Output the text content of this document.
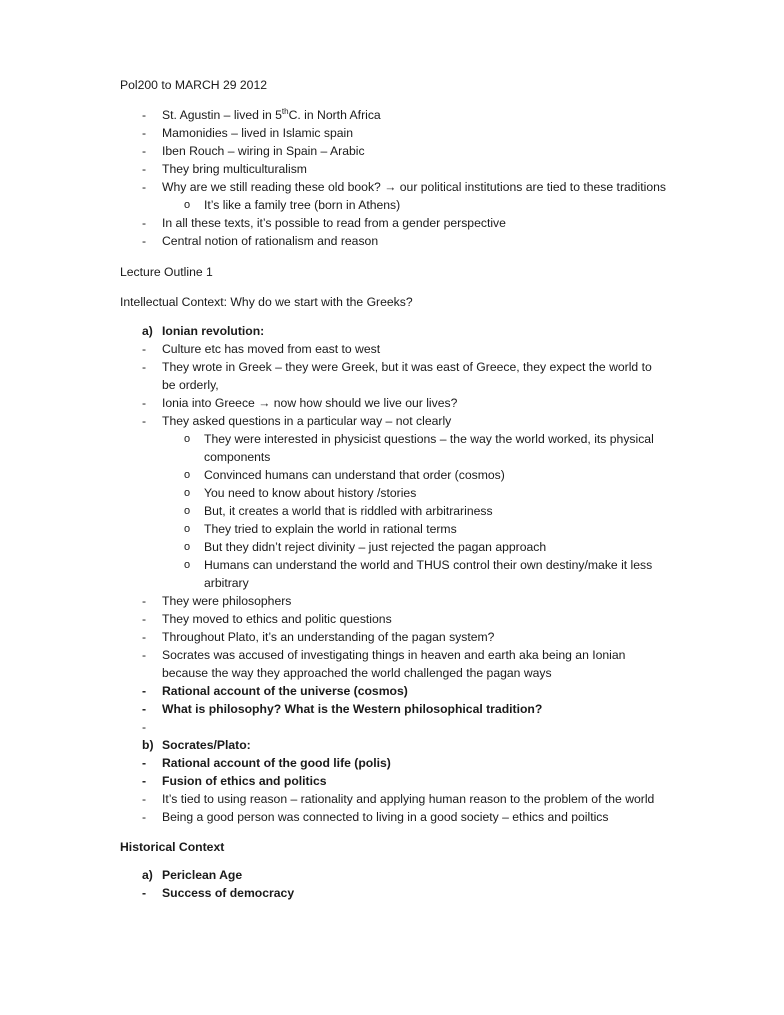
Pol200 to MARCH 29 2012
- St. Agustin – lived in 5thC. in North Africa
- Mamonidies – lived in Islamic spain
- Iben Rouch – wiring in Spain – Arabic
- They bring multiculturalism
- Why are we still reading these old book? → our political institutions are tied to these traditions
o It’s like a family tree (born in Athens)
- In all these texts, it’s possible to read from a gender perspective
- Central notion of rationalism and reason
Lecture Outline 1
Intellectual Context: Why do we start with the Greeks?
a) Ionian revolution:
- Culture etc has moved from east to west
- They wrote in Greek – they were Greek, but it was east of Greece, they expect the world to be orderly,
- Ionia into Greece → now how should we live our lives?
- They asked questions in a particular way – not clearly
o They were interested in physicist questions – the way the world worked, its physical components
o Convinced humans can understand that order (cosmos)
o You need to know about history /stories
o But, it creates a world that is riddled with arbitrariness
o They tried to explain the world in rational terms
o But they didn’t reject divinity – just rejected the pagan approach
o Humans can understand the world and THUS control their own destiny/make it less arbitrary
- They were philosophers
- They moved to ethics and politic questions
- Throughout Plato, it’s an understanding of the pagan system?
- Socrates was accused of investigating things in heaven and earth aka being an Ionian because the way they approached the world challenged the pagan ways
- Rational account of the universe (cosmos)
- What is philosophy? What is the Western philosophical tradition?
-
b) Socrates/Plato:
- Rational account of the good life (polis)
- Fusion of ethics and politics
- It’s tied to using reason – rationality and applying human reason to the problem of the world
- Being a good person was connected to living in a good society – ethics and poiltics
Historical Context
a) Periclean Age
- Success of democracy
